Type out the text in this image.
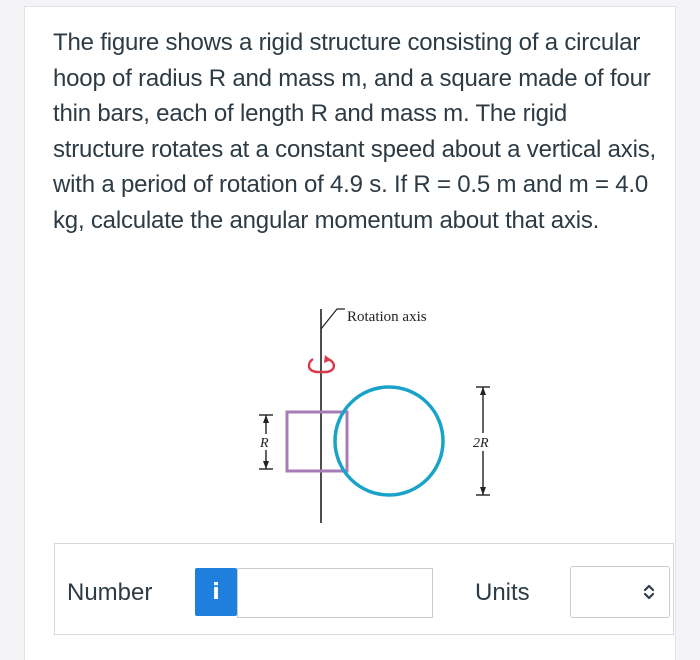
The figure shows a rigid structure consisting of a circular hoop of radius R and mass m, and a square made of four thin bars, each of length R and mass m. The rigid structure rotates at a constant speed about a vertical axis, with a period of rotation of 4.9 s. If R = 0.5 m and m = 4.0 kg, calculate the angular momentum about that axis.

Rotation axis
R	2R
Number	i	Units
